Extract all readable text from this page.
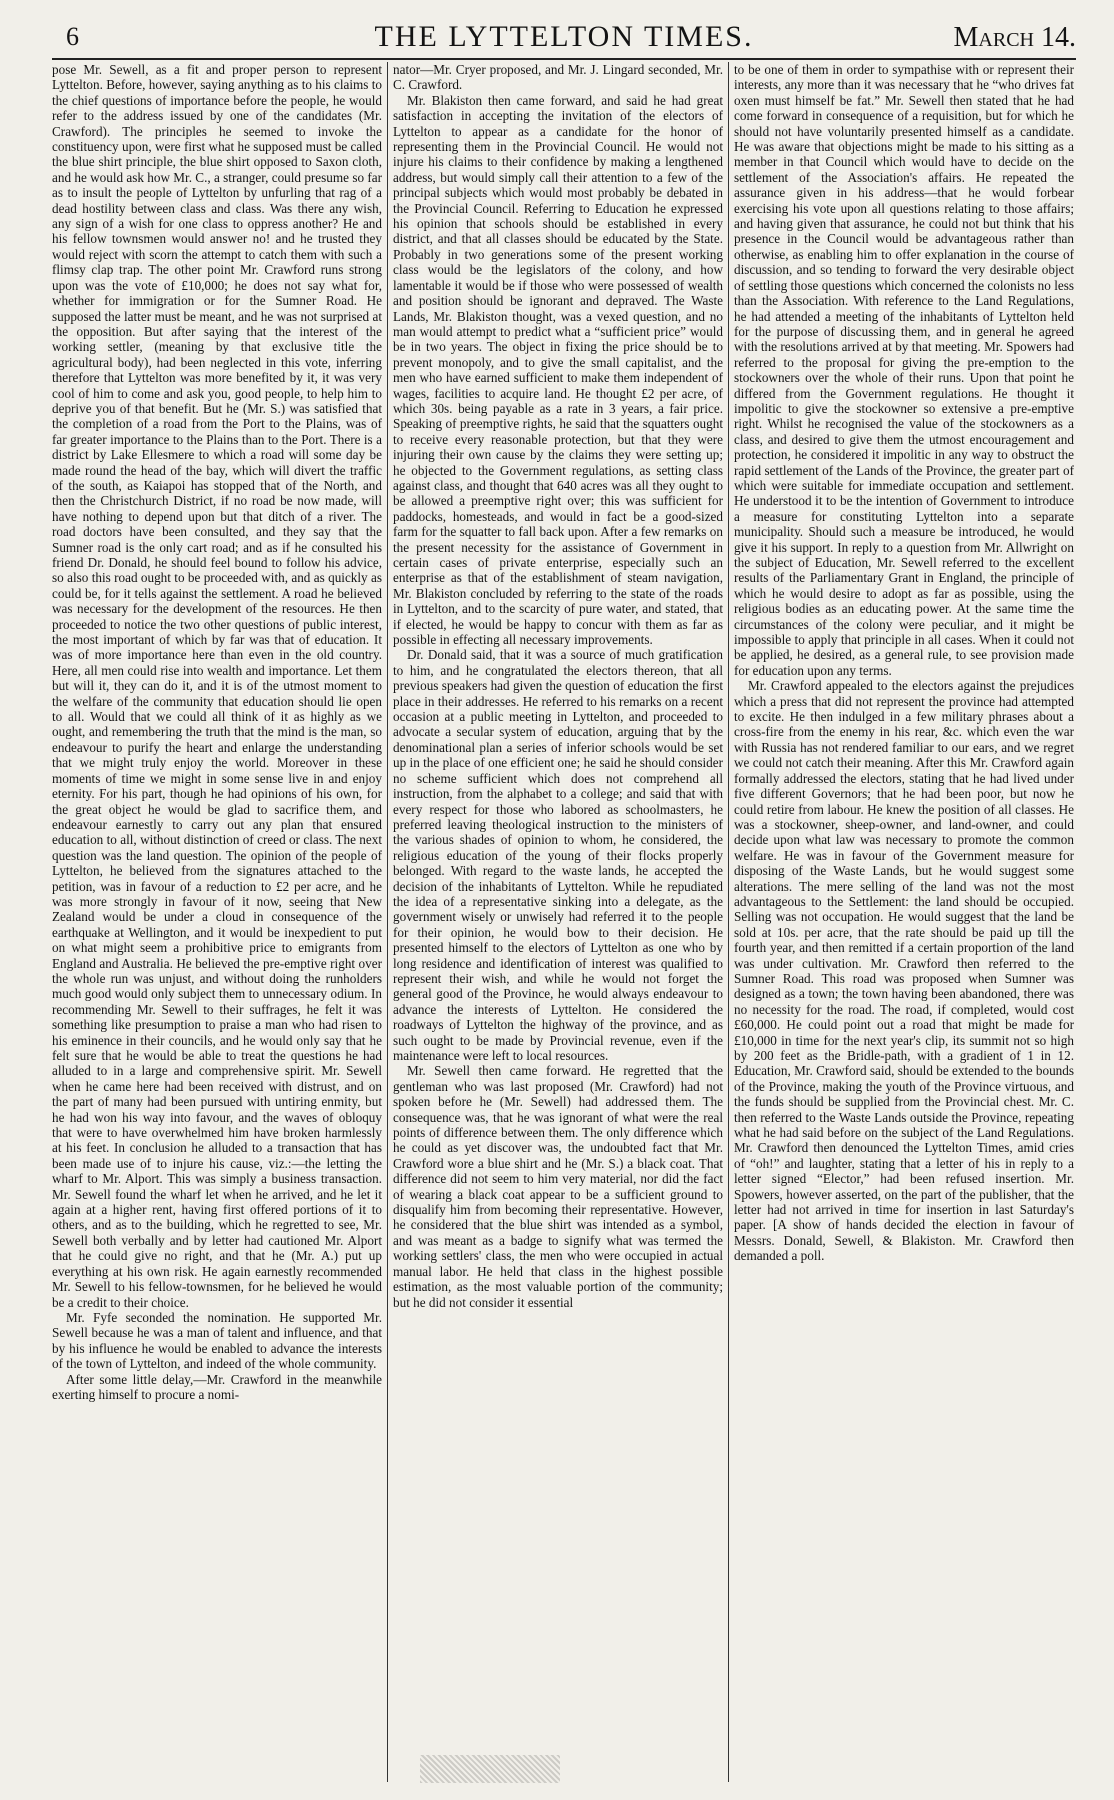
6	THE LYTTELTON TIMES.	March 14.

pose Mr. Sewell, as a fit and proper person to represent Lyttelton. Before, however, saying anything as to his claims to the chief questions of importance before the people, he would refer to the address issued by one of the candidates (Mr. Crawford). The principles he seemed to invoke the constituency upon, were first what he supposed must be called the blue shirt principle, the blue shirt opposed to Saxon cloth, and he would ask how Mr. C., a stranger, could presume so far as to insult the people of Lyttelton by unfurling that rag of a dead hostility between class and class. Was there any wish, any sign of a wish for one class to oppress another? He and his fellow townsmen would answer no! and he trusted they would reject with scorn the attempt to catch them with such a flimsy clap trap. The other point Mr. Crawford runs strong upon was the vote of £10,000; he does not say what for, whether for immigration or for the Sumner Road. He supposed the latter must be meant, and he was not surprised at the opposition. But after saying that the interest of the working settler, (meaning by that exclusive title the agricultural body), had been neglected in this vote, inferring therefore that Lyttelton was more benefited by it, it was very cool of him to come and ask you, good people, to help him to deprive you of that benefit. But he (Mr. S.) was satisfied that the completion of a road from the Port to the Plains, was of far greater importance to the Plains than to the Port. There is a district by Lake Ellesmere to which a road will some day be made round the head of the bay, which will divert the traffic of the south, as Kaiapoi has stopped that of the North, and then the Christchurch District, if no road be now made, will have nothing to depend upon but that ditch of a river. The road doctors have been consulted, and they say that the Sumner road is the only cart road; and as if he consulted his friend Dr. Donald, he should feel bound to follow his advice, so also this road ought to be proceeded with, and as quickly as could be, for it tells against the settlement. A road he believed was necessary for the development of the resources. He then proceeded to notice the two other questions of public interest, the most important of which by far was that of education. It was of more importance here than even in the old country. Here, all men could rise into wealth and importance. Let them but will it, they can do it, and it is of the utmost moment to the welfare of the community that education should lie open to all. Would that we could all think of it as highly as we ought, and remembering the truth that the mind is the man, so endeavour to purify the heart and enlarge the understanding that we might truly enjoy the world. Moreover in these moments of time we might in some sense live in and enjoy eternity. For his part, though he had opinions of his own, for the great object he would be glad to sacrifice them, and endeavour earnestly to carry out any plan that ensured education to all, without distinction of creed or class. The next question was the land question. The opinion of the people of Lyttelton, he believed from the signatures attached to the petition, was in favour of a reduction to £2 per acre, and he was more strongly in favour of it now, seeing that New Zealand would be under a cloud in consequence of the earthquake at Wellington, and it would be inexpedient to put on what might seem a prohibitive price to emigrants from England and Australia. He believed the pre-emptive right over the whole run was unjust, and without doing the runholders much good would only subject them to unnecessary odium. In recommending Mr. Sewell to their suffrages, he felt it was something like presumption to praise a man who had risen to his eminence in their councils, and he would only say that he felt sure that he would be able to treat the questions he had alluded to in a large and comprehensive spirit. Mr. Sewell when he came here had been received with distrust, and on the part of many had been pursued with untiring enmity, but he had won his way into favour, and the waves of obloquy that were to have overwhelmed him have broken harmlessly at his feet. In conclusion he alluded to a transaction that has been made use of to injure his cause, viz.:—the letting the wharf to Mr. Alport. This was simply a business transaction. Mr. Sewell found the wharf let when he arrived, and he let it again at a higher rent, having first offered portions of it to others, and as to the building, which he regretted to see, Mr. Sewell both verbally and by letter had cautioned Mr. Alport that he could give no right, and that he (Mr. A.) put up everything at his own risk. He again earnestly recommended Mr. Sewell to his fellow-townsmen, for he believed he would be a credit to their choice.

Mr. Fyfe seconded the nomination. He supported Mr. Sewell because he was a man of talent and influence, and that by his influence he would be enabled to advance the interests of the town of Lyttelton, and indeed of the whole community.

After some little delay,—Mr. Crawford in the meanwhile exerting himself to procure a nomi-

nator—Mr. Cryer proposed, and Mr. J. Lingard seconded, Mr. C. Crawford.

Mr. Blakiston then came forward, and said he had great satisfaction in accepting the invitation of the electors of Lyttelton to appear as a candidate for the honor of representing them in the Provincial Council. He would not injure his claims to their confidence by making a lengthened address, but would simply call their attention to a few of the principal subjects which would most probably be debated in the Provincial Council. Referring to Education he expressed his opinion that schools should be established in every district, and that all classes should be educated by the State. Probably in two generations some of the present working class would be the legislators of the colony, and how lamentable it would be if those who were possessed of wealth and position should be ignorant and depraved. The Waste Lands, Mr. Blakiston thought, was a vexed question, and no man would attempt to predict what a “sufficient price” would be in two years. The object in fixing the price should be to prevent monopoly, and to give the small capitalist, and the men who have earned sufficient to make them independent of wages, facilities to acquire land. He thought £2 per acre, of which 30s. being payable as a rate in 3 years, a fair price. Speaking of preemptive rights, he said that the squatters ought to receive every reasonable protection, but that they were injuring their own cause by the claims they were setting up; he objected to the Government regulations, as setting class against class, and thought that 640 acres was all they ought to be allowed a preemptive right over; this was sufficient for paddocks, homesteads, and would in fact be a good-sized farm for the squatter to fall back upon. After a few remarks on the present necessity for the assistance of Government in certain cases of private enterprise, especially such an enterprise as that of the establishment of steam navigation, Mr. Blakiston concluded by referring to the state of the roads in Lyttelton, and to the scarcity of pure water, and stated, that if elected, he would be happy to concur with them as far as possible in effecting all necessary improvements.

Dr. Donald said, that it was a source of much gratification to him, and he congratulated the electors thereon, that all previous speakers had given the question of education the first place in their addresses. He referred to his remarks on a recent occasion at a public meeting in Lyttelton, and proceeded to advocate a secular system of education, arguing that by the denominational plan a series of inferior schools would be set up in the place of one efficient one; he said he should consider no scheme sufficient which does not comprehend all instruction, from the alphabet to a college; and said that with every respect for those who labored as schoolmasters, he preferred leaving theological instruction to the ministers of the various shades of opinion to whom, he considered, the religious education of the young of their flocks properly belonged. With regard to the waste lands, he accepted the decision of the inhabitants of Lyttelton. While he repudiated the idea of a representative sinking into a delegate, as the government wisely or unwisely had referred it to the people for their opinion, he would bow to their decision. He presented himself to the electors of Lyttelton as one who by long residence and identification of interest was qualified to represent their wish, and while he would not forget the general good of the Province, he would always endeavour to advance the interests of Lyttelton. He considered the roadways of Lyttelton the highway of the province, and as such ought to be made by Provincial revenue, even if the maintenance were left to local resources.

Mr. Sewell then came forward. He regretted that the gentleman who was last proposed (Mr. Crawford) had not spoken before he (Mr. Sewell) had addressed them. The consequence was, that he was ignorant of what were the real points of difference between them. The only difference which he could as yet discover was, the undoubted fact that Mr. Crawford wore a blue shirt and he (Mr. S.) a black coat. That difference did not seem to him very material, nor did the fact of wearing a black coat appear to be a sufficient ground to disqualify him from becoming their representative. However, he considered that the blue shirt was intended as a symbol, and was meant as a badge to signify what was termed the working settlers' class, the men who were occupied in actual manual labor. He held that class in the highest possible estimation, as the most valuable portion of the community; but he did not consider it essential

to be one of them in order to sympathise with or represent their interests, any more than it was necessary that he “who drives fat oxen must himself be fat.” Mr. Sewell then stated that he had come forward in consequence of a requisition, but for which he should not have voluntarily presented himself as a candidate. He was aware that objections might be made to his sitting as a member in that Council which would have to decide on the settlement of the Association's affairs. He repeated the assurance given in his address—that he would forbear exercising his vote upon all questions relating to those affairs; and having given that assurance, he could not but think that his presence in the Council would be advantageous rather than otherwise, as enabling him to offer explanation in the course of discussion, and so tending to forward the very desirable object of settling those questions which concerned the colonists no less than the Association. With reference to the Land Regulations, he had attended a meeting of the inhabitants of Lyttelton held for the purpose of discussing them, and in general he agreed with the resolutions arrived at by that meeting. Mr. Spowers had referred to the proposal for giving the pre-emption to the stockowners over the whole of their runs. Upon that point he differed from the Government regulations. He thought it impolitic to give the stockowner so extensive a pre-emptive right. Whilst he recognised the value of the stockowners as a class, and desired to give them the utmost encouragement and protection, he considered it impolitic in any way to obstruct the rapid settlement of the Lands of the Province, the greater part of which were suitable for immediate occupation and settlement. He understood it to be the intention of Government to introduce a measure for constituting Lyttelton into a separate municipality. Should such a measure be introduced, he would give it his support. In reply to a question from Mr. Allwright on the subject of Education, Mr. Sewell referred to the excellent results of the Parliamentary Grant in England, the principle of which he would desire to adopt as far as possible, using the religious bodies as an educating power. At the same time the circumstances of the colony were peculiar, and it might be impossible to apply that principle in all cases. When it could not be applied, he desired, as a general rule, to see provision made for education upon any terms.

Mr. Crawford appealed to the electors against the prejudices which a press that did not represent the province had attempted to excite. He then indulged in a few military phrases about a cross-fire from the enemy in his rear, &c. which even the war with Russia has not rendered familiar to our ears, and we regret we could not catch their meaning. After this Mr. Crawford again formally addressed the electors, stating that he had lived under five different Governors; that he had been poor, but now he could retire from labour. He knew the position of all classes. He was a stockowner, sheep-owner, and land-owner, and could decide upon what law was necessary to promote the common welfare. He was in favour of the Government measure for disposing of the Waste Lands, but he would suggest some alterations. The mere selling of the land was not the most advantageous to the Settlement: the land should be occupied. Selling was not occupation. He would suggest that the land be sold at 10s. per acre, that the rate should be paid up till the fourth year, and then remitted if a certain proportion of the land was under cultivation. Mr. Crawford then referred to the Sumner Road. This road was proposed when Sumner was designed as a town; the town having been abandoned, there was no necessity for the road. The road, if completed, would cost £60,000. He could point out a road that might be made for £10,000 in time for the next year's clip, its summit not so high by 200 feet as the Bridle-path, with a gradient of 1 in 12. Education, Mr. Crawford said, should be extended to the bounds of the Province, making the youth of the Province virtuous, and the funds should be supplied from the Provincial chest. Mr. C. then referred to the Waste Lands outside the Province, repeating what he had said before on the subject of the Land Regulations. Mr. Crawford then denounced the Lyttelton Times, amid cries of “oh!” and laughter, stating that a letter of his in reply to a letter signed “Elector,” had been refused insertion. Mr. Spowers, however asserted, on the part of the publisher, that the letter had not arrived in time for insertion in last Saturday's paper. [A show of hands decided the election in favour of Messrs. Donald, Sewell, & Blakiston. Mr. Crawford then demanded a poll.
